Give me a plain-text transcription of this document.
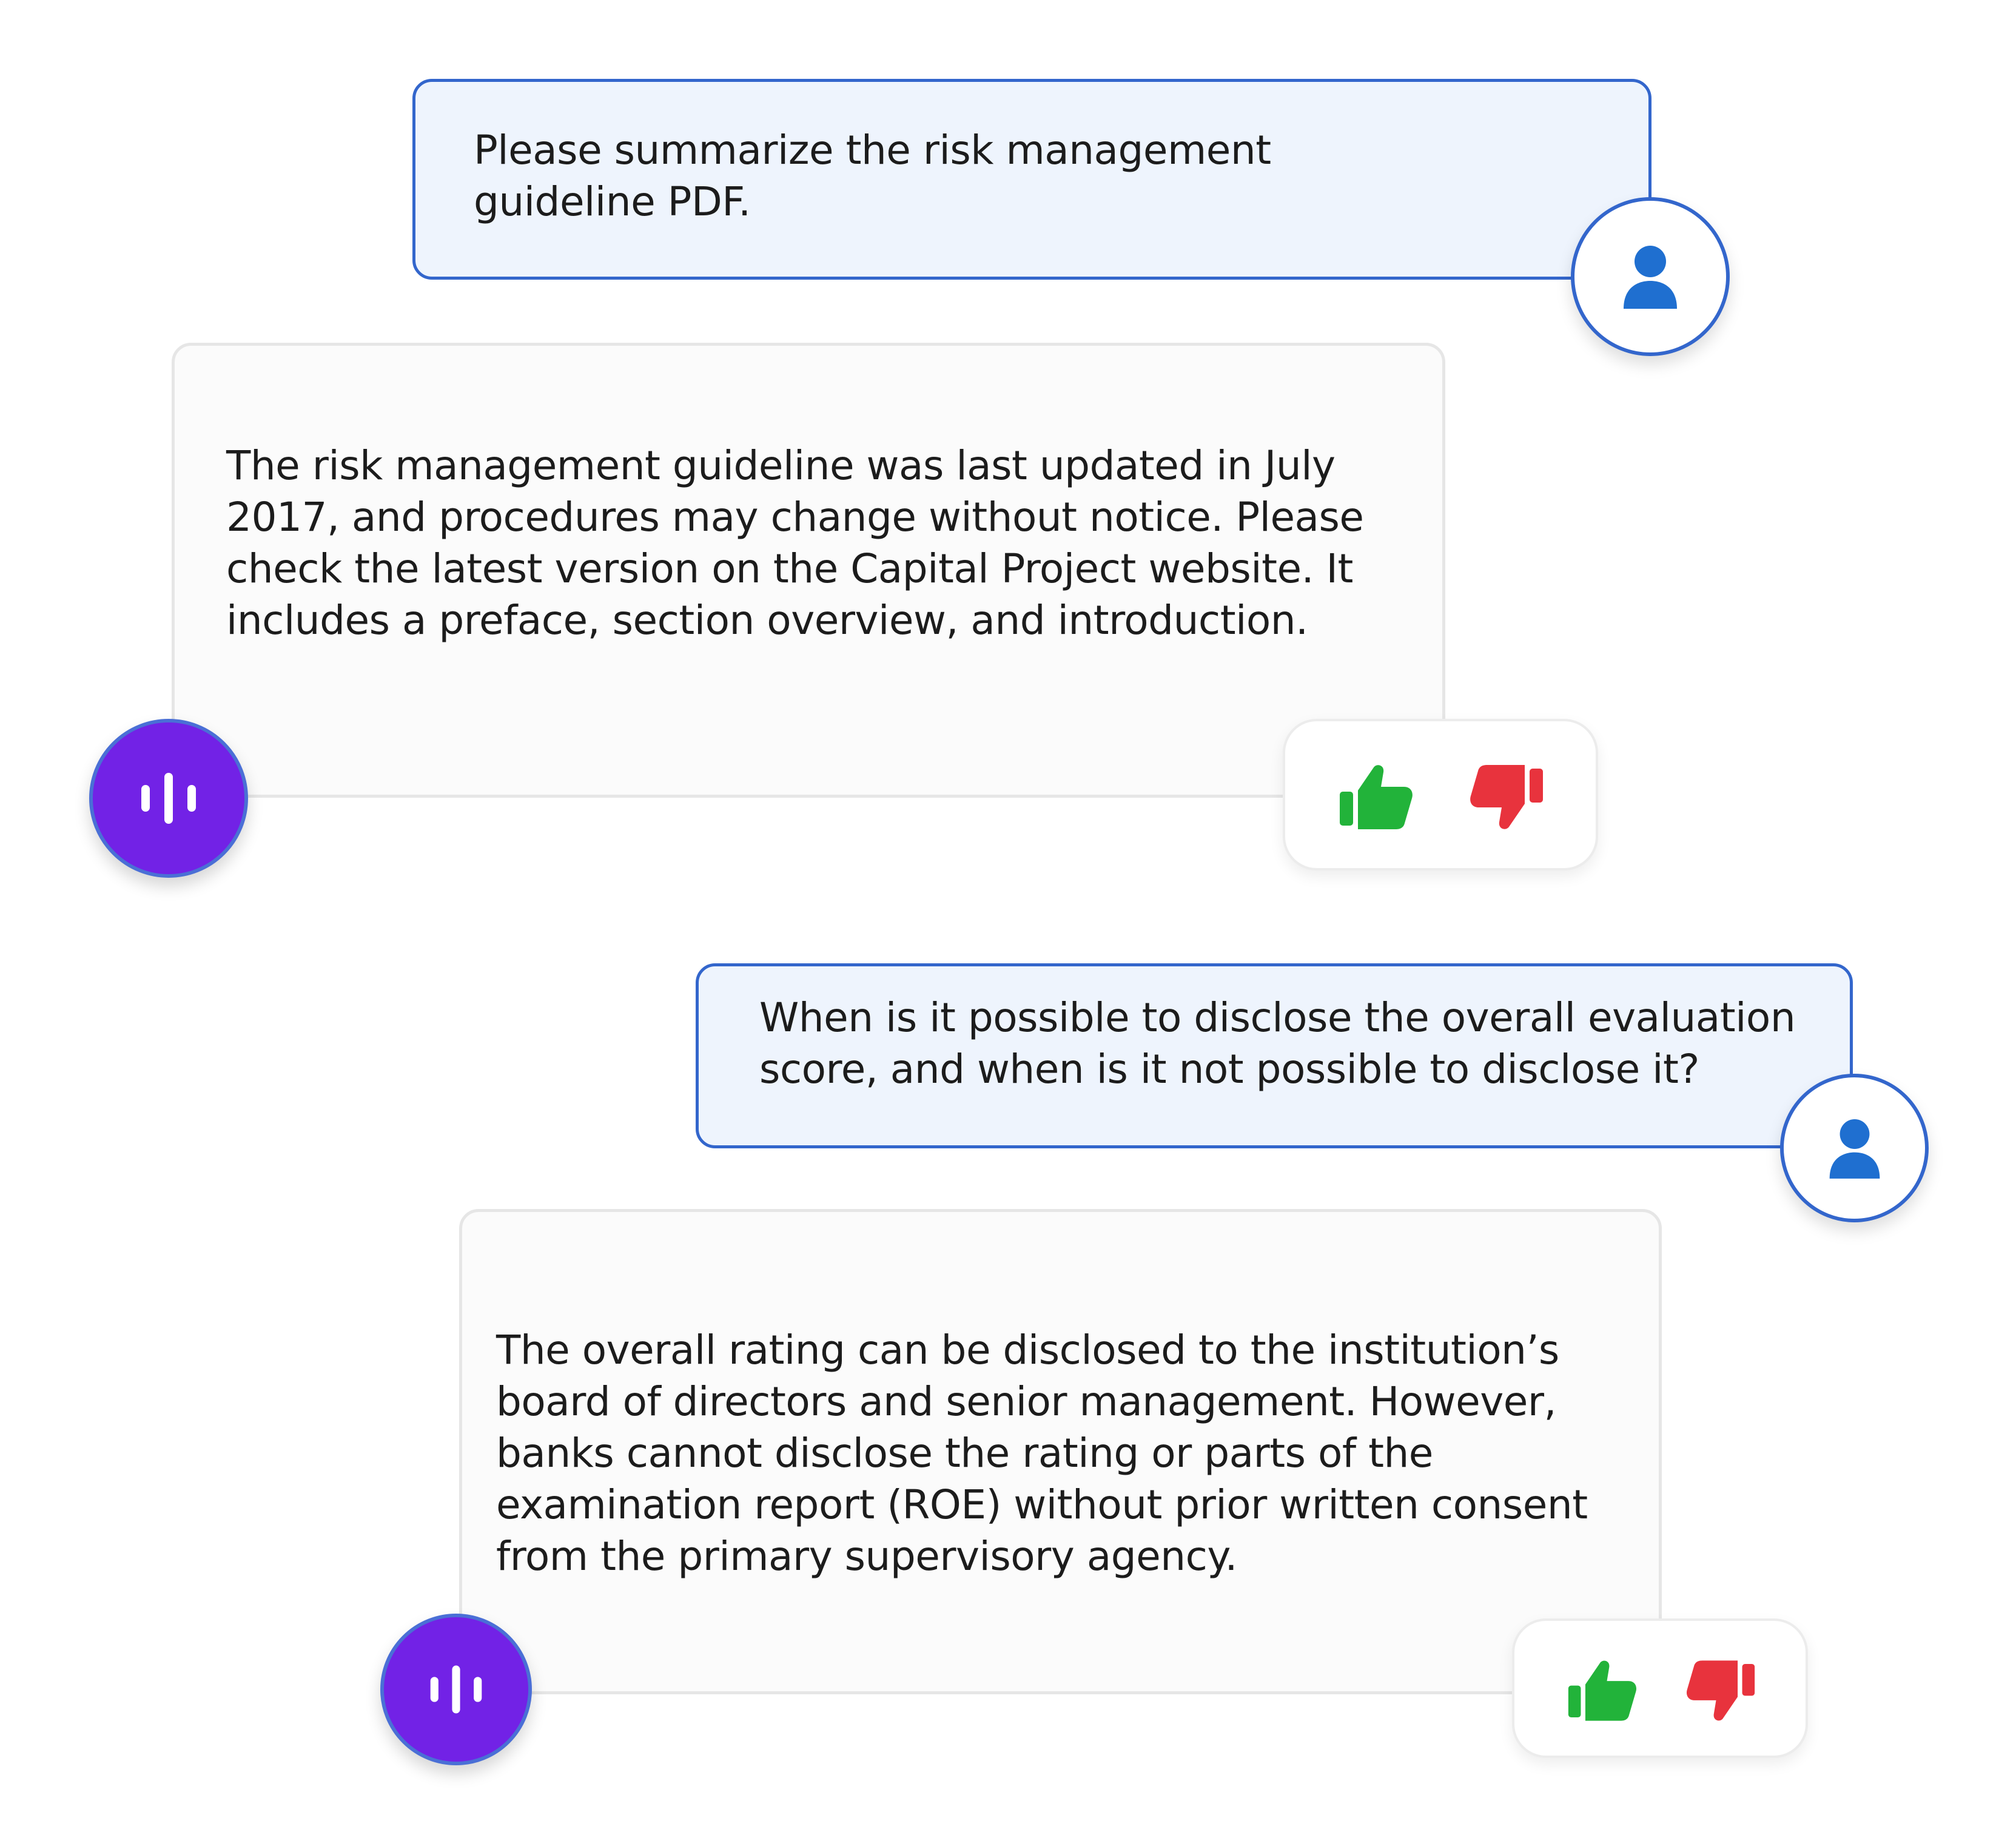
Please summarize the risk management
guideline PDF.

The risk management guideline was last updated in July
2017, and procedures may change without notice. Please
check the latest version on the Capital Project website. It
includes a preface, section overview, and introduction.

When is it possible to disclose the overall evaluation
score, and when is it not possible to disclose it?

The overall rating can be disclosed to the institution’s
board of directors and senior management. However,
banks cannot disclose the rating or parts of the
examination report (ROE) without prior written consent
from the primary supervisory agency.
